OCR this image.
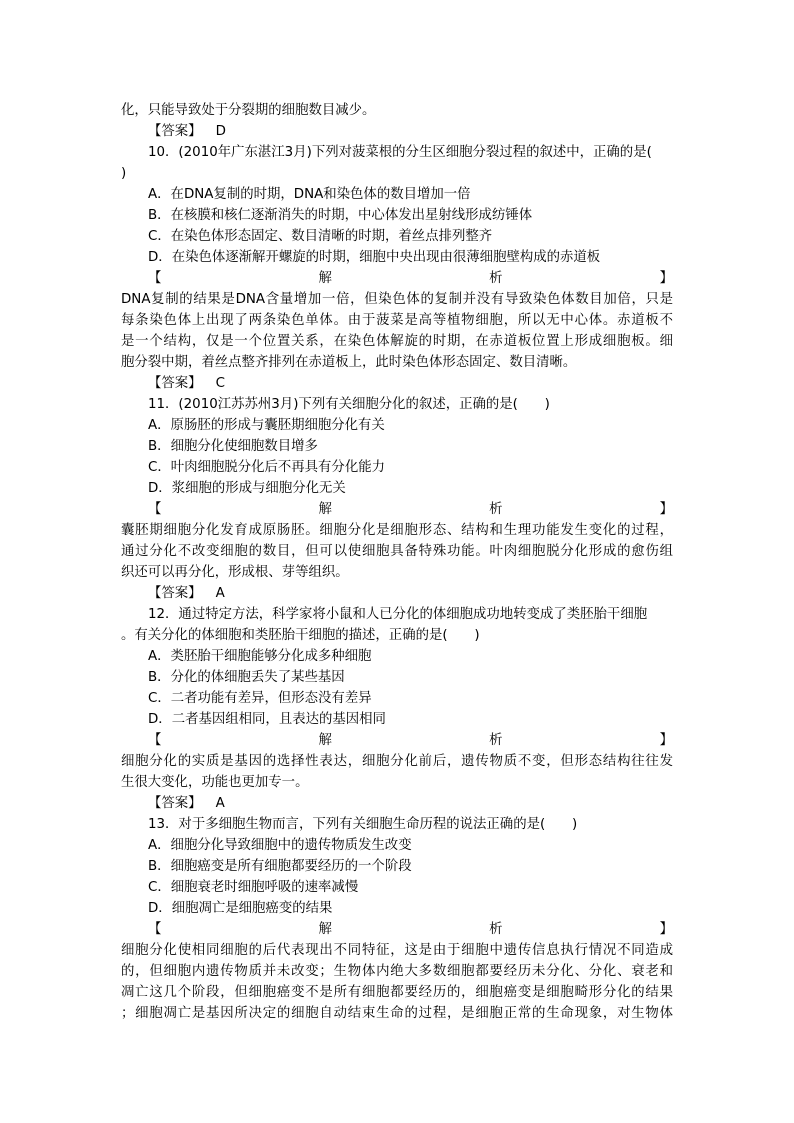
化，只能导致处于分裂期的细胞数目减少。
【答案】 D
10．(2010年广东湛江3月)下列对菠菜根的分生区细胞分裂过程的叙述中，正确的是(
)
A．在DNA复制的时期，DNA和染色体的数目增加一倍
B．在核膜和核仁逐渐消失的时期，中心体发出星射线形成纺锤体
C．在染色体形态固定、数目清晰的时期，着丝点排列整齐
D．在染色体逐渐解开螺旋的时期，细胞中央出现由很薄细胞壁构成的赤道板
【	解	析	】
DNA复制的结果是DNA含量增加一倍，但染色体的复制并没有导致染色体数目加倍，只是
每条染色体上出现了两条染色单体。由于菠菜是高等植物细胞，所以无中心体。赤道板不
是一个结构，仅是一个位置关系，在染色体解旋的时期，在赤道板位置上形成细胞板。细
胞分裂中期，着丝点整齐排列在赤道板上，此时染色体形态固定、数目清晰。
【答案】 C
11．(2010江苏苏州3月)下列有关细胞分化的叙述，正确的是(　　)
A．原肠胚的形成与囊胚期细胞分化有关
B．细胞分化使细胞数目增多
C．叶肉细胞脱分化后不再具有分化能力
D．浆细胞的形成与细胞分化无关
【	解	析	】
囊胚期细胞分化发育成原肠胚。细胞分化是细胞形态、结构和生理功能发生变化的过程，
通过分化不改变细胞的数目，但可以使细胞具备特殊功能。叶肉细胞脱分化形成的愈伤组
织还可以再分化，形成根、芽等组织。
【答案】 A
12．通过特定方法，科学家将小鼠和人已分化的体细胞成功地转变成了类胚胎干细胞
。有关分化的体细胞和类胚胎干细胞的描述，正确的是(　　)
A．类胚胎干细胞能够分化成多种细胞
B．分化的体细胞丢失了某些基因
C．二者功能有差异，但形态没有差异
D．二者基因组相同，且表达的基因相同
【	解	析	】
细胞分化的实质是基因的选择性表达，细胞分化前后，遗传物质不变，但形态结构往往发
生很大变化，功能也更加专一。
【答案】 A
13．对于多细胞生物而言，下列有关细胞生命历程的说法正确的是(　　)
A．细胞分化导致细胞中的遗传物质发生改变
B．细胞癌变是所有细胞都要经历的一个阶段
C．细胞衰老时细胞呼吸的速率减慢
D．细胞凋亡是细胞癌变的结果
【	解	析	】
细胞分化使相同细胞的后代表现出不同特征，这是由于细胞中遗传信息执行情况不同造成
的，但细胞内遗传物质并未改变；生物体内绝大多数细胞都要经历未分化、分化、衰老和
凋亡这几个阶段，但细胞癌变不是所有细胞都要经历的，细胞癌变是细胞畸形分化的结果
；细胞凋亡是基因所决定的细胞自动结束生命的过程，是细胞正常的生命现象，对生物体
